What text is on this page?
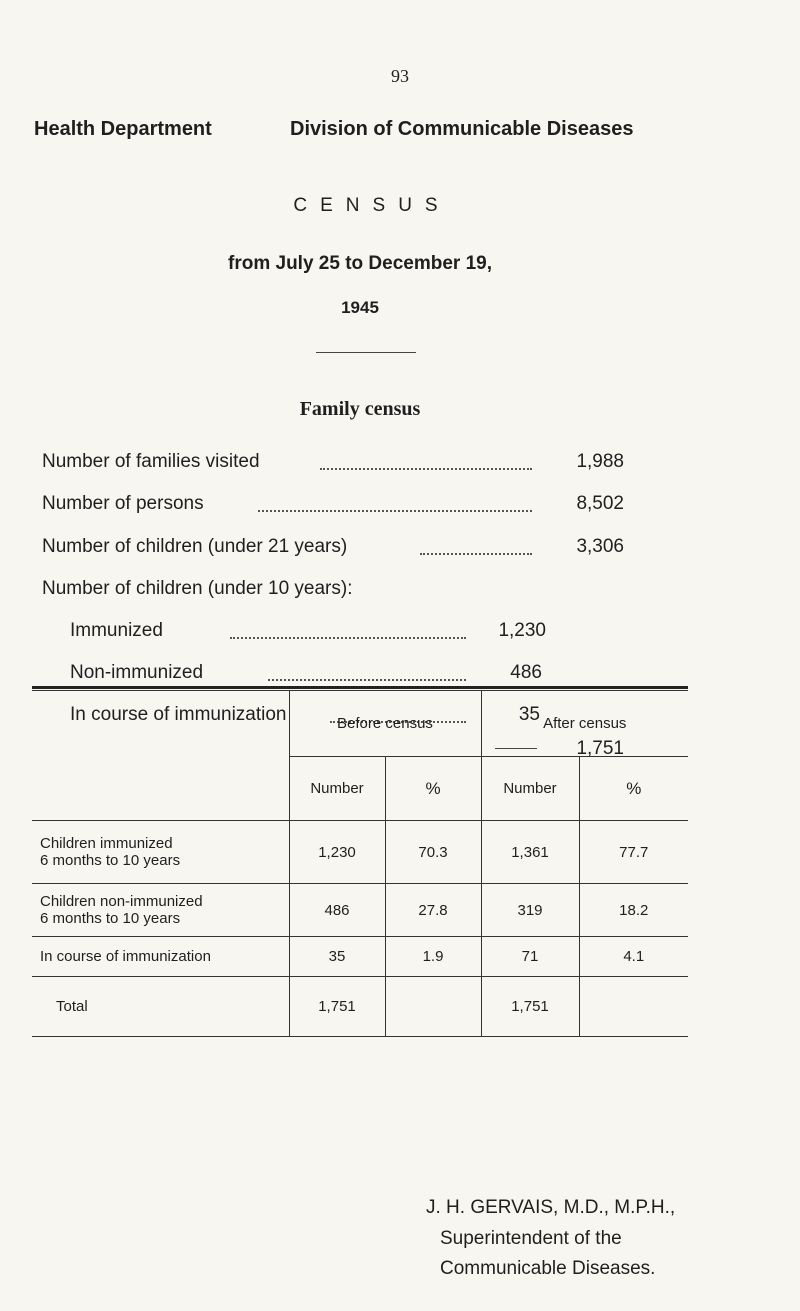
93
Health Department	Division of Communicable Diseases
CENSUS
from July 25 to December 19,
1945
Family census
Number of families visited	1,988
Number of persons	8,502
Number of children (under 21 years)	3,306
Number of children (under 10 years):
Immunized	1,230
Non-immunized	486
In course of immunization	35
1,751
	Before census		After census	
	Number	%	Number	%

Children immunized
6 months to 10 years	1,230	70.3	1,361	77.7

Children non-immunized
6 months to 10 years	486	27.8	319	18.2
In course of immunization	35	1.9	71	4.1
Total	1,751		1,751	
J. H. GERVAIS, M.D., M.P.H.,
Superintendent of the
Communicable Diseases.
